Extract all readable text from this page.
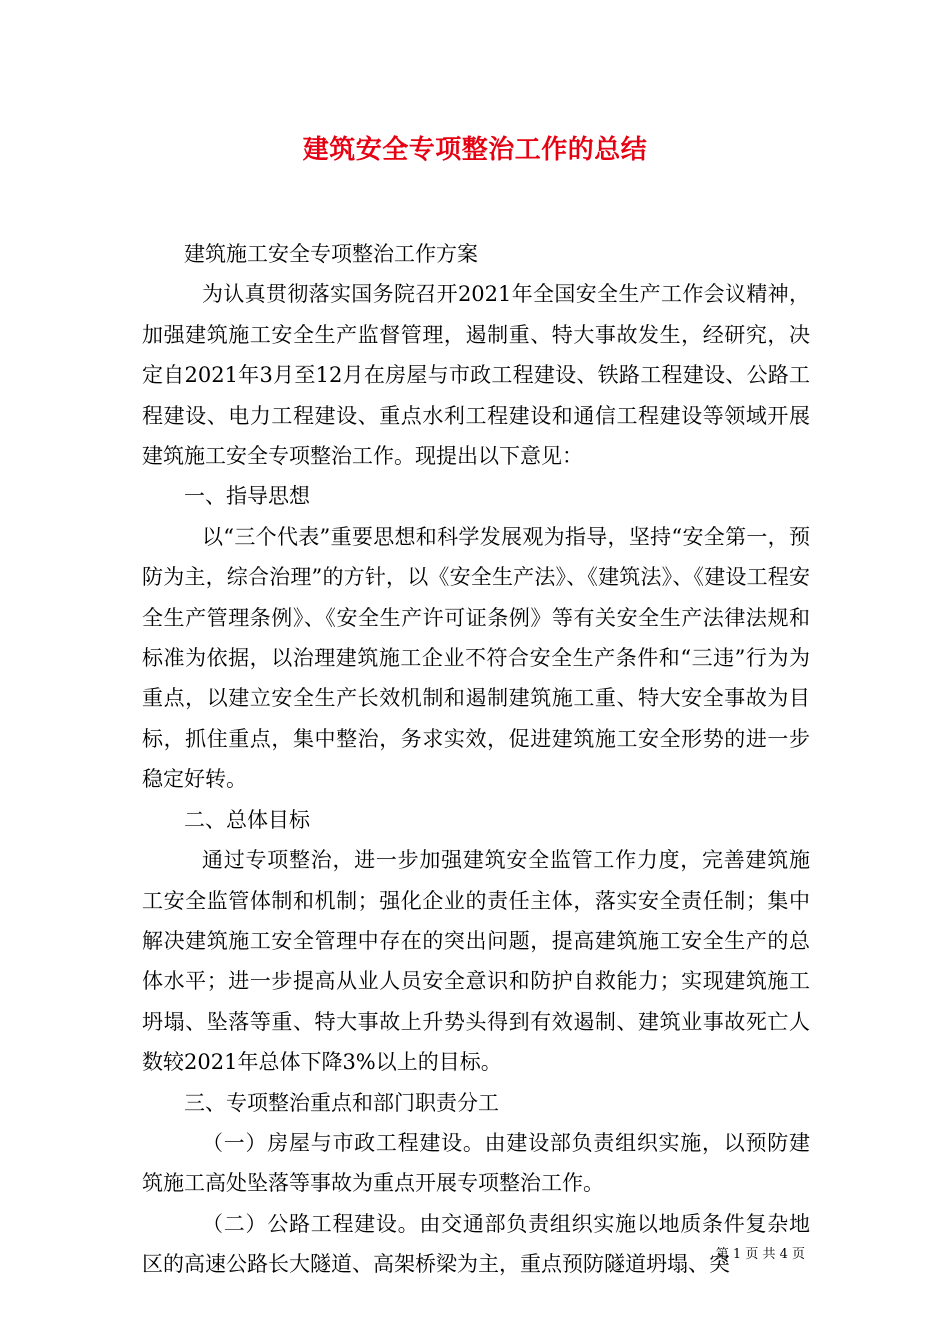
建筑安全专项整治工作的总结

建筑施工安全专项整治工作方案

为认真贯彻落实国务院召开2021年全国安全生产工作会议精神，加强建筑施工安全生产监督管理，遏制重、特大事故发生，经研究，决定自2021年3月至12月在房屋与市政工程建设、铁路工程建设、公路工程建设、电力工程建设、重点水利工程建设和通信工程建设等领域开展建筑施工安全专项整治工作。现提出以下意见：

一、指导思想

以“三个代表”重要思想和科学发展观为指导，坚持“安全第一，预防为主，综合治理”的方针，以《安全生产法》、《建筑法》、《建设工程安全生产管理条例》、《安全生产许可证条例》等有关安全生产法律法规和标准为依据，以治理建筑施工企业不符合安全生产条件和“三违”行为为重点，以建立安全生产长效机制和遏制建筑施工重、特大安全事故为目标，抓住重点，集中整治，务求实效，促进建筑施工安全形势的进一步稳定好转。

二、总体目标

通过专项整治，进一步加强建筑安全监管工作力度，完善建筑施工安全监管体制和机制；强化企业的责任主体，落实安全责任制；集中解决建筑施工安全管理中存在的突出问题，提高建筑施工安全生产的总体水平；进一步提高从业人员安全意识和防护自救能力；实现建筑施工坍塌、坠落等重、特大事故上升势头得到有效遏制、建筑业事故死亡人数较2021年总体下降3%以上的目标。

三、专项整治重点和部门职责分工

（一）房屋与市政工程建设。由建设部负责组织实施，以预防建筑施工高处坠落等事故为重点开展专项整治工作。

（二）公路工程建设。由交通部负责组织实施以地质条件复杂地区的高速公路长大隧道、高架桥梁为主，重点预防隧道坍塌、突

第 1 页 共 4 页
